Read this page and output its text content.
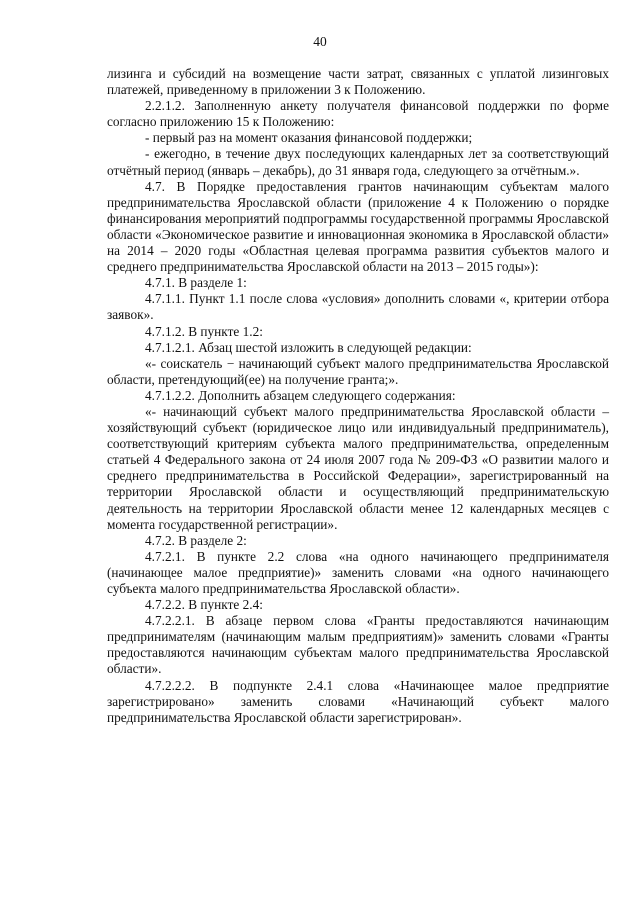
40

лизинга и субсидий на возмещение части затрат, связанных с уплатой лизинговых платежей, приведенному в приложении 3 к Положению.

2.2.1.2. Заполненную анкету получателя финансовой поддержки по форме согласно приложению 15 к Положению:

- первый раз на момент оказания финансовой поддержки;

- ежегодно, в течение двух последующих календарных лет за соответствующий отчётный период (январь – декабрь), до 31 января года, следующего за отчётным.».

4.7. В Порядке предоставления грантов начинающим субъектам малого предпринимательства Ярославской области (приложение 4 к Положению о порядке финансирования мероприятий подпрограммы государственной программы Ярославской области «Экономическое развитие и инновационная экономика в Ярославской области» на 2014 – 2020 годы «Областная целевая программа развития субъектов малого и среднего предпринимательства Ярославской области на 2013 – 2015 годы»):

4.7.1. В разделе 1:

4.7.1.1. Пункт 1.1 после слова «условия» дополнить словами «, критерии отбора заявок».

4.7.1.2. В пункте 1.2:

4.7.1.2.1. Абзац шестой изложить в следующей редакции:

«- соискатель − начинающий субъект малого предпринимательства Ярославской области, претендующий(ее) на получение гранта;».

4.7.1.2.2. Дополнить абзацем следующего содержания:

«- начинающий субъект малого предпринимательства Ярославской области – хозяйствующий субъект (юридическое лицо или индивидуальный предприниматель), соответствующий критериям субъекта малого предпринимательства, определенным статьей 4 Федерального закона от 24 июля 2007 года № 209-ФЗ «О развитии малого и среднего предпринимательства в Российской Федерации», зарегистрированный на территории Ярославской области и осуществляющий предпринимательскую деятельность на территории Ярославской области менее 12 календарных месяцев с момента государственной регистрации».

4.7.2. В разделе 2:

4.7.2.1. В пункте 2.2 слова «на одного начинающего предпринимателя (начинающее малое предприятие)» заменить словами «на одного начинающего субъекта малого предпринимательства Ярославской области».

4.7.2.2. В пункте 2.4:

4.7.2.2.1. В абзаце первом слова «Гранты предоставляются начинающим предпринимателям (начинающим малым предприятиям)» заменить словами «Гранты предоставляются начинающим субъектам малого предпринимательства Ярославской области».

4.7.2.2.2. В подпункте 2.4.1 слова «Начинающее малое предприятие зарегистрировано» заменить словами «Начинающий субъект малого предпринимательства Ярославской области зарегистрирован».
